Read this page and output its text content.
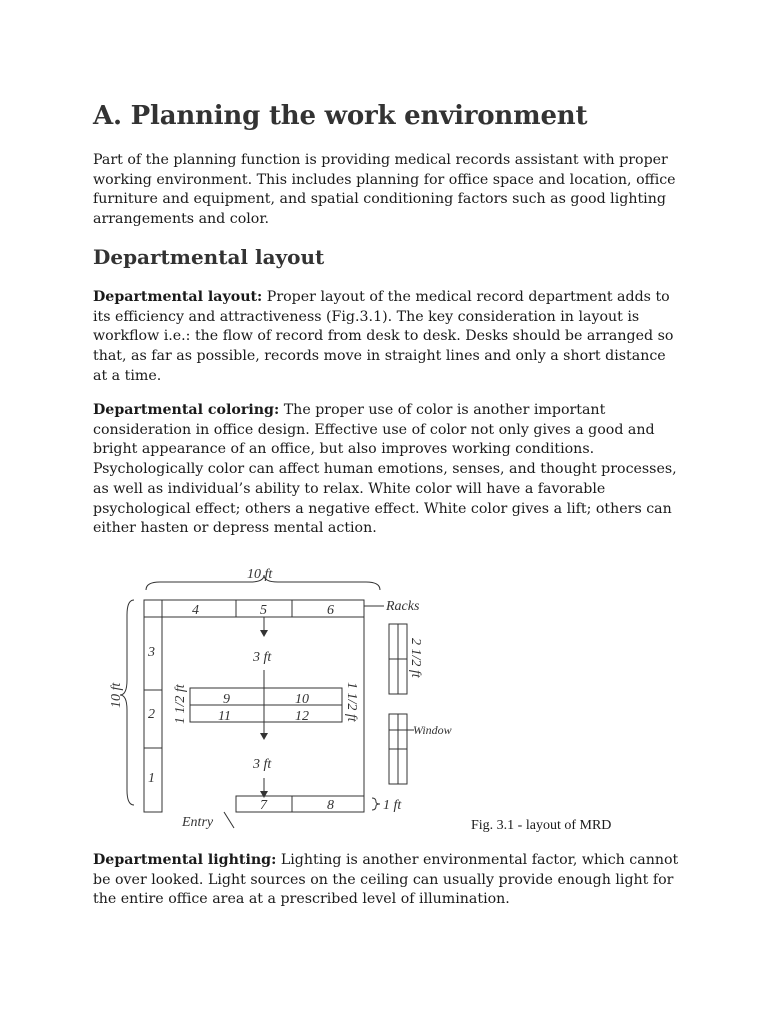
A. Planning the work environment

Part of the planning function is providing medical records assistant with proper working environment. This includes planning for office space and location, office furniture and equipment, and spatial conditioning factors such as good lighting arrangements and color.

Departmental layout

Departmental layout: Proper layout of the medical record department adds to its efficiency and attractiveness (Fig.3.1). The key consideration in layout is workflow i.e.: the flow of record from desk to desk. Desks should be arranged so that, as far as possible, records move in straight lines and only a short distance at a time.

Departmental coloring: The proper use of color is another important consideration in office design. Effective use of color not only gives a good and bright appearance of an office, but also improves working conditions. Psychologically color can affect human emotions, senses, and thought processes, as well as individual’s ability to relax. White color will have a favorable psychological effect; others a negative effect. White color gives a lift; others can either hasten or depress mental action.

10 ft
10 ft
4	5	6	Racks
3
2
1
3 ft
3 ft
1 1/2 ft	1 1/2 ft
2 1/2 ft
9	10
11	12
Window
7	8	1 ft
Entry	Fig. 3.1 - layout of MRD

Departmental lighting: Lighting is another environmental factor, which cannot be over looked. Light sources on the ceiling can usually provide enough light for the entire office area at a prescribed level of illumination.
